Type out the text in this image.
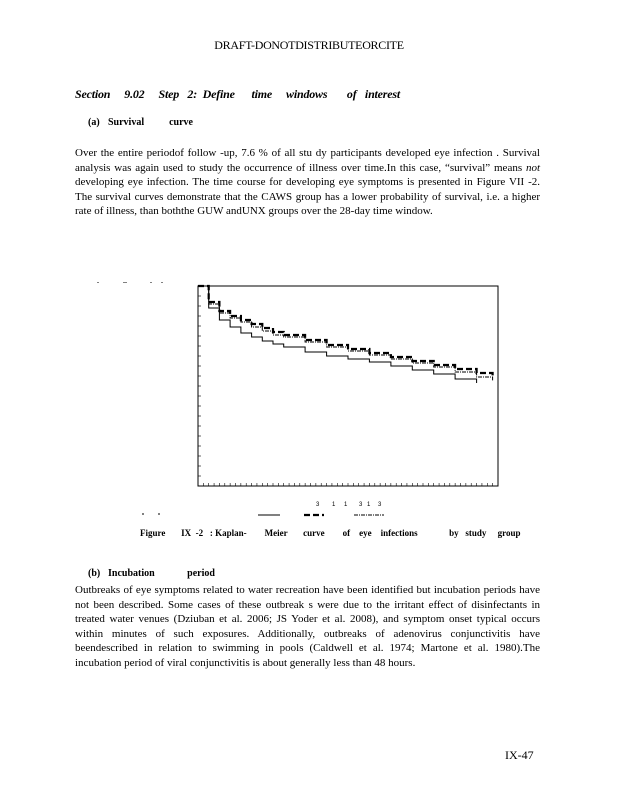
DRAFT-DONOTDISTRIBUTEORCITE
Section     9.02     Step   2:  Define      time     windows       of   interest
(a) Survival          curve
Over the entire periodof follow -up, 7.6 % of all stu dy participants developed eye infection . Survival analysis was again used to study the occurrence of illness over time.In this case, “survival” means not developing eye infection. The time course for developing eye symptoms is presented in Figure VII -2. The survival curves demonstrate that the CAWS group has a lower probability of survival, i.e. a higher rate of illness, than boththe GUW andUNX groups over the 28-day time window.
3 1 1 3 1 3
Figure       IX  -2   : Kaplan-        Meier       curve        of    eye    infections              by   study     group
(b) Incubation             period
Outbreaks of eye symptoms related to water recreation have been identified but incubation periods have not been described. Some cases of these outbreak s were due to the irritant effect of disinfectants in treated water venues (Dziuban et al. 2006; JS Yoder et al. 2008), and symptom onset typical occurs within minutes of such exposures. Additionally, outbreaks of adenovirus conjunctivitis have beendescribed in relation to swimming in pools (Caldwell et al. 1974; Martone et al. 1980).The incubation period of viral conjunctivitis is about generally less than 48 hours.
IX-47
